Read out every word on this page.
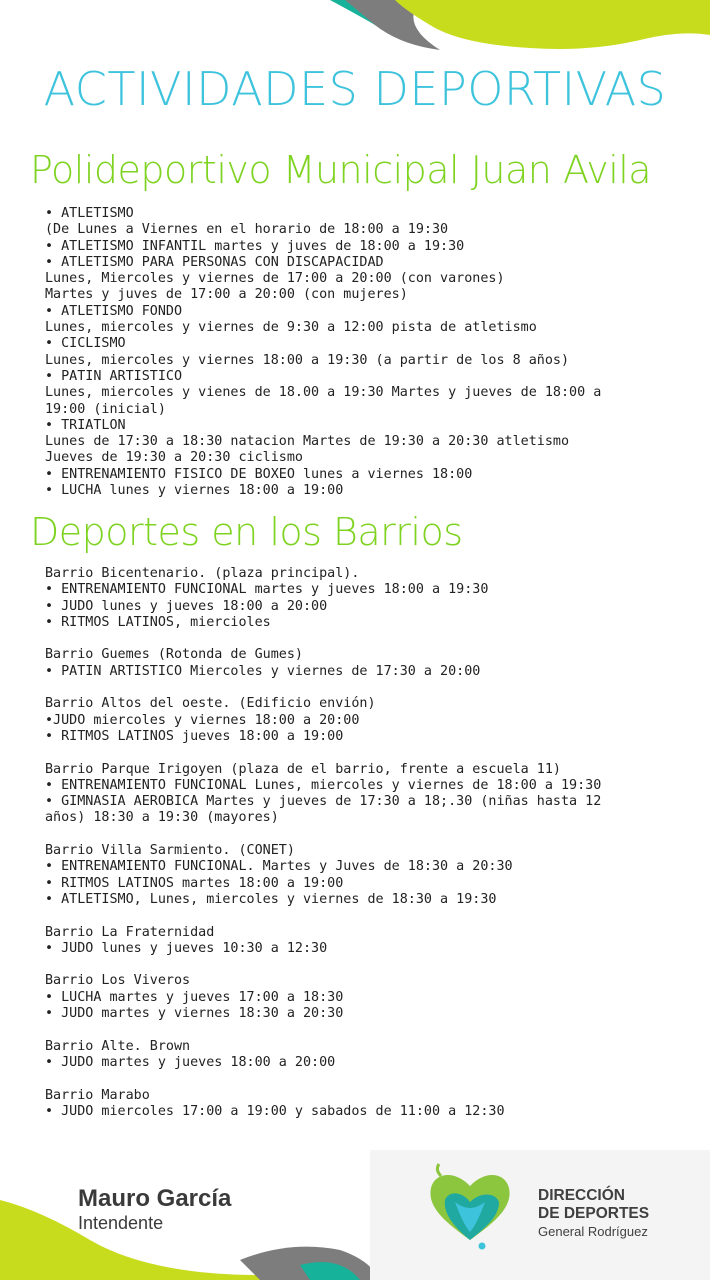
ACTIVIDADES DEPORTIVAS
Polideportivo Municipal Juan Avila
• ATLETISMO
(De Lunes a Viernes en el horario de 18:00 a 19:30
• ATLETISMO INFANTIL martes y juves de 18:00 a 19:30
• ATLETISMO PARA PERSONAS CON DISCAPACIDAD
Lunes, Miercoles y viernes de 17:00 a 20:00 (con varones)
Martes y juves de 17:00 a 20:00 (con mujeres)
• ATLETISMO FONDO
Lunes, miercoles y viernes de 9:30 a 12:00 pista de atletismo
• CICLISMO
Lunes, miercoles y viernes 18:00 a 19:30 (a partir de los 8 años)
• PATIN ARTISTICO
Lunes, miercoles y vienes de 18.00 a 19:30 Martes y jueves de 18:00 a
19:00 (inicial)
• TRIATLON
Lunes de 17:30 a 18:30 natacion Martes de 19:30 a 20:30 atletismo
Jueves de 19:30 a 20:30 ciclismo
• ENTRENAMIENTO FISICO DE BOXEO lunes a viernes 18:00
• LUCHA lunes y viernes 18:00 a 19:00
Deportes en los Barrios
Barrio Bicentenario. (plaza principal).
• ENTRENAMIENTO FUNCIONAL martes y jueves 18:00 a 19:30
• JUDO lunes y jueves 18:00 a 20:00
• RITMOS LATINOS, miercioles
Barrio Guemes (Rotonda de Gumes)
• PATIN ARTISTICO Miercoles y viernes de 17:30 a 20:00
Barrio Altos del oeste. (Edificio envión)
•JUDO miercoles y viernes 18:00 a 20:00
• RITMOS LATINOS jueves 18:00 a 19:00
Barrio Parque Irigoyen (plaza de el barrio, frente a escuela 11)
• ENTRENAMIENTO FUNCIONAL Lunes, miercoles y viernes de 18:00 a 19:30
• GIMNASIA AEROBICA Martes y jueves de 17:30 a 18;.30 (niñas hasta 12
años) 18:30 a 19:30 (mayores)
Barrio Villa Sarmiento. (CONET)
• ENTRENAMIENTO FUNCIONAL. Martes y Juves de 18:30 a 20:30
• RITMOS LATINOS martes 18:00 a 19:00
• ATLETISMO, Lunes, miercoles y viernes de 18:30 a 19:30
Barrio La Fraternidad
• JUDO lunes y jueves 10:30 a 12:30
Barrio Los Viveros
• LUCHA martes y jueves 17:00 a 18:30
• JUDO martes y viernes 18:30 a 20:30
Barrio Alte. Brown
• JUDO martes y jueves 18:00 a 20:00
Barrio Marabo
• JUDO miercoles 17:00 a 19:00 y sabados de 11:00 a 12:30
Mauro García
Intendente
DIRECCIÓN
DE DEPORTES
General Rodríguez
